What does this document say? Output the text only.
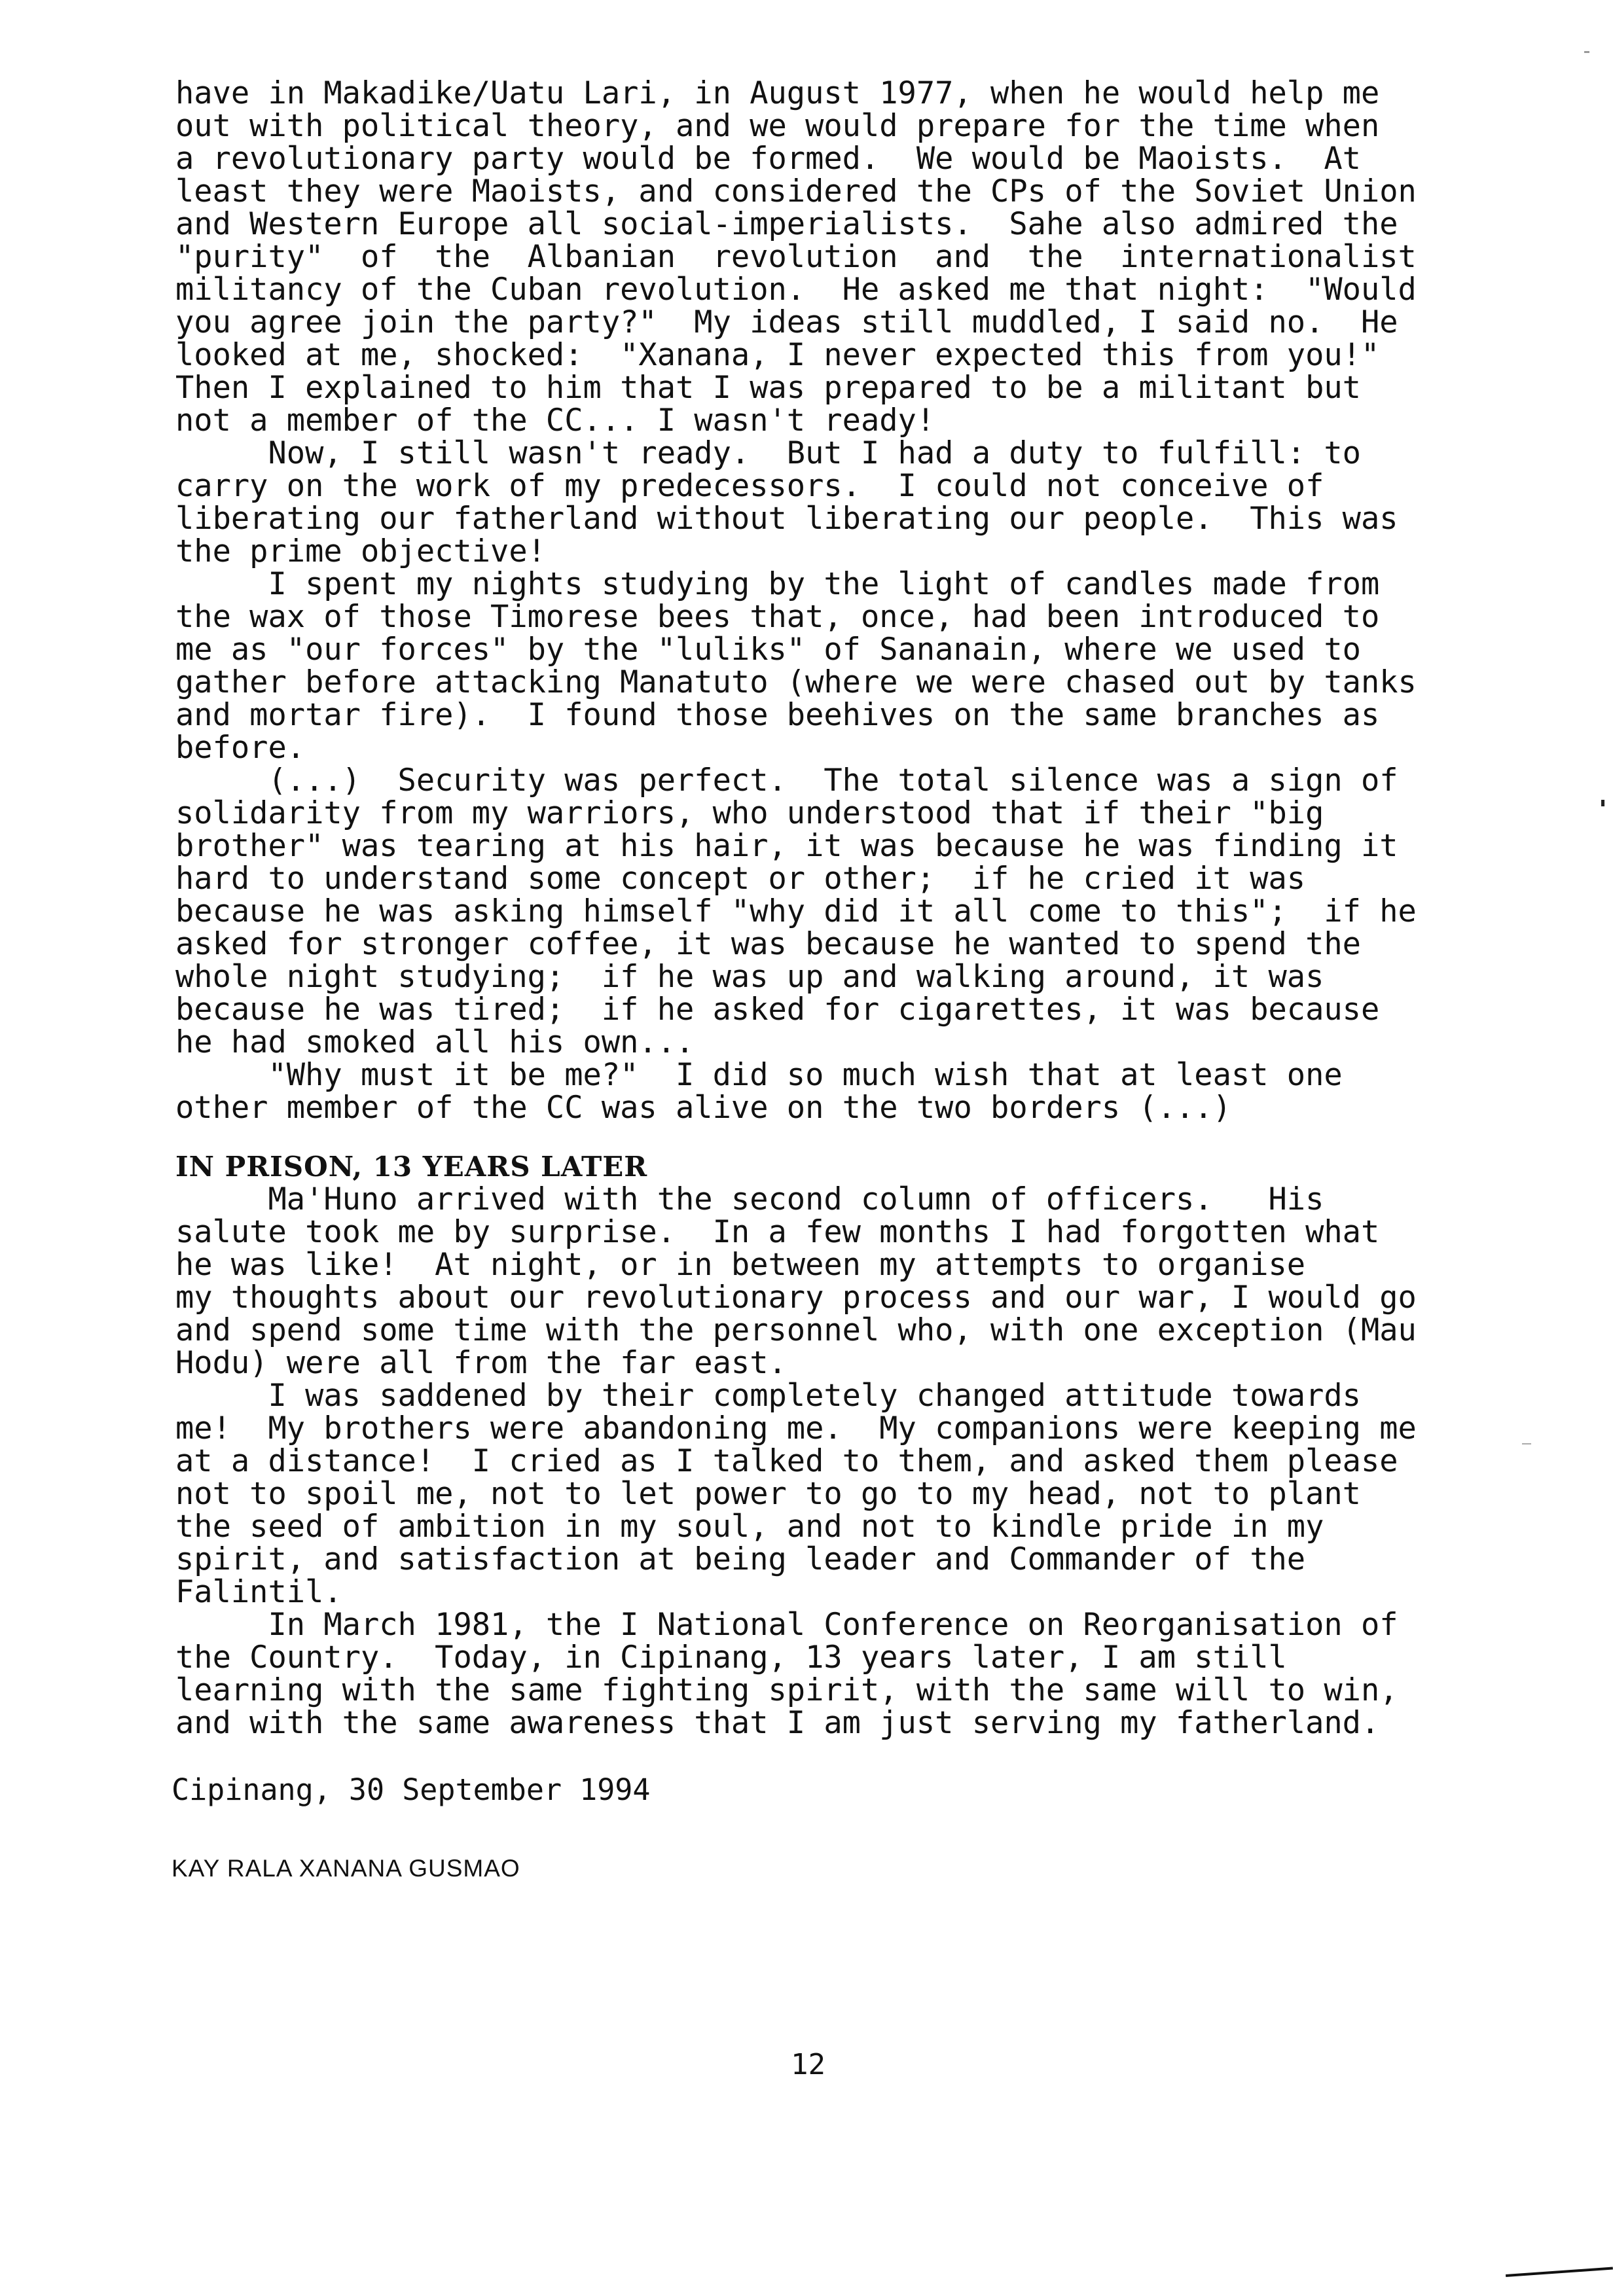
have in Makadike/Uatu Lari, in August 1977, when he would help me
out with political theory, and we would prepare for the time when
a revolutionary party would be formed.  We would be Maoists.  At
least they were Maoists, and considered the CPs of the Soviet Union
and Western Europe all social-imperialists.  Sahe also admired the
"purity"  of  the  Albanian  revolution  and  the  internationalist
militancy of the Cuban revolution.  He asked me that night:  "Would
you agree join the party?"  My ideas still muddled, I said no.  He
looked at me, shocked:  "Xanana, I never expected this from you!"
Then I explained to him that I was prepared to be a militant but
not a member of the CC... I wasn't ready!
Now, I still wasn't ready.  But I had a duty to fulfill: to
carry on the work of my predecessors.  I could not conceive of
liberating our fatherland without liberating our people.  This was
the prime objective!
I spent my nights studying by the light of candles made from
the wax of those Timorese bees that, once, had been introduced to
me as "our forces" by the "luliks" of Sananain, where we used to
gather before attacking Manatuto (where we were chased out by tanks
and mortar fire).  I found those beehives on the same branches as
before.
(...)  Security was perfect.  The total silence was a sign of
solidarity from my warriors, who understood that if their "big
brother" was tearing at his hair, it was because he was finding it
hard to understand some concept or other;  if he cried it was
because he was asking himself "why did it all come to this";  if he
asked for stronger coffee, it was because he wanted to spend the
whole night studying;  if he was up and walking around, it was
because he was tired;  if he asked for cigarettes, it was because
he had smoked all his own...
"Why must it be me?"  I did so much wish that at least one
other member of the CC was alive on the two borders (...)
IN PRISON, 13 YEARS LATER
Ma'Huno arrived with the second column of officers.   His
salute took me by surprise.  In a few months I had forgotten what
he was like!  At night, or in between my attempts to organise
my thoughts about our revolutionary process and our war, I would go
and spend some time with the personnel who, with one exception (Mau
Hodu) were all from the far east.
I was saddened by their completely changed attitude towards
me!  My brothers were abandoning me.  My companions were keeping me
at a distance!  I cried as I talked to them, and asked them please
not to spoil me, not to let power to go to my head, not to plant
the seed of ambition in my soul, and not to kindle pride in my
spirit, and satisfaction at being leader and Commander of the
Falintil.
In March 1981, the I National Conference on Reorganisation of
the Country.  Today, in Cipinang, 13 years later, I am still
learning with the same fighting spirit, with the same will to win,
and with the same awareness that I am just serving my fatherland.
Cipinang, 30 September 1994
KAY RALA XANANA GUSMAO
12
